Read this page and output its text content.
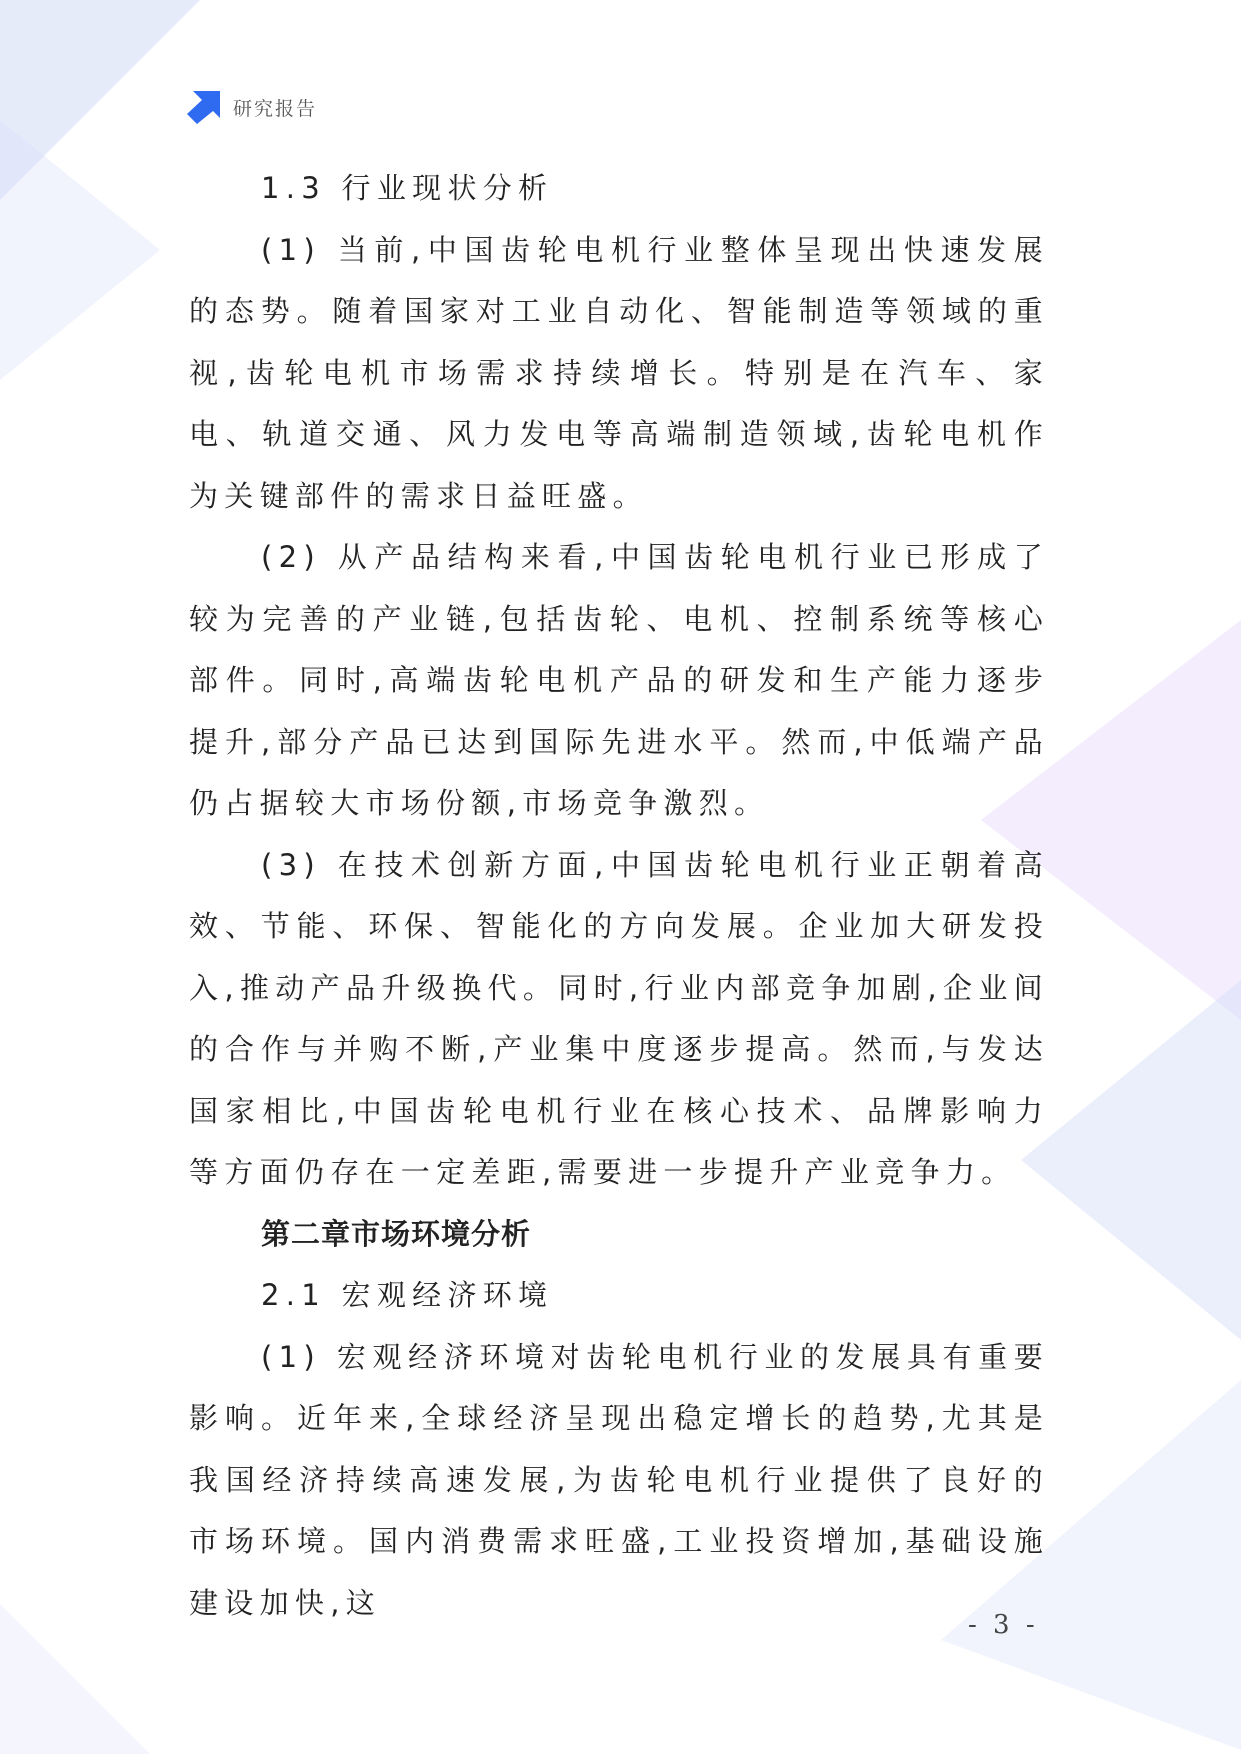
研究报告

1.3 行业现状分析

(1) 当前,中国齿轮电机行业整体呈现出快速发展的态势。随着国家对工业自动化、智能制造等领域的重视,齿轮电机市场需求持续增长。特别是在汽车、家电、轨道交通、风力发电等高端制造领域,齿轮电机作为关键部件的需求日益旺盛。

(2) 从产品结构来看,中国齿轮电机行业已形成了较为完善的产业链,包括齿轮、电机、控制系统等核心部件。同时,高端齿轮电机产品的研发和生产能力逐步提升,部分产品已达到国际先进水平。然而,中低端产品仍占据较大市场份额,市场竞争激烈。

(3) 在技术创新方面,中国齿轮电机行业正朝着高效、节能、环保、智能化的方向发展。企业加大研发投入,推动产品升级换代。同时,行业内部竞争加剧,企业间的合作与并购不断,产业集中度逐步提高。然而,与发达国家相比,中国齿轮电机行业在核心技术、品牌影响力等方面仍存在一定差距,需要进一步提升产业竞争力。

第二章市场环境分析

2.1 宏观经济环境

(1) 宏观经济环境对齿轮电机行业的发展具有重要影响。近年来,全球经济呈现出稳定增长的趋势,尤其是我国经济持续高速发展,为齿轮电机行业提供了良好的市场环境。国内消费需求旺盛,工业投资增加,基础设施建设加快,这

- 3 -
